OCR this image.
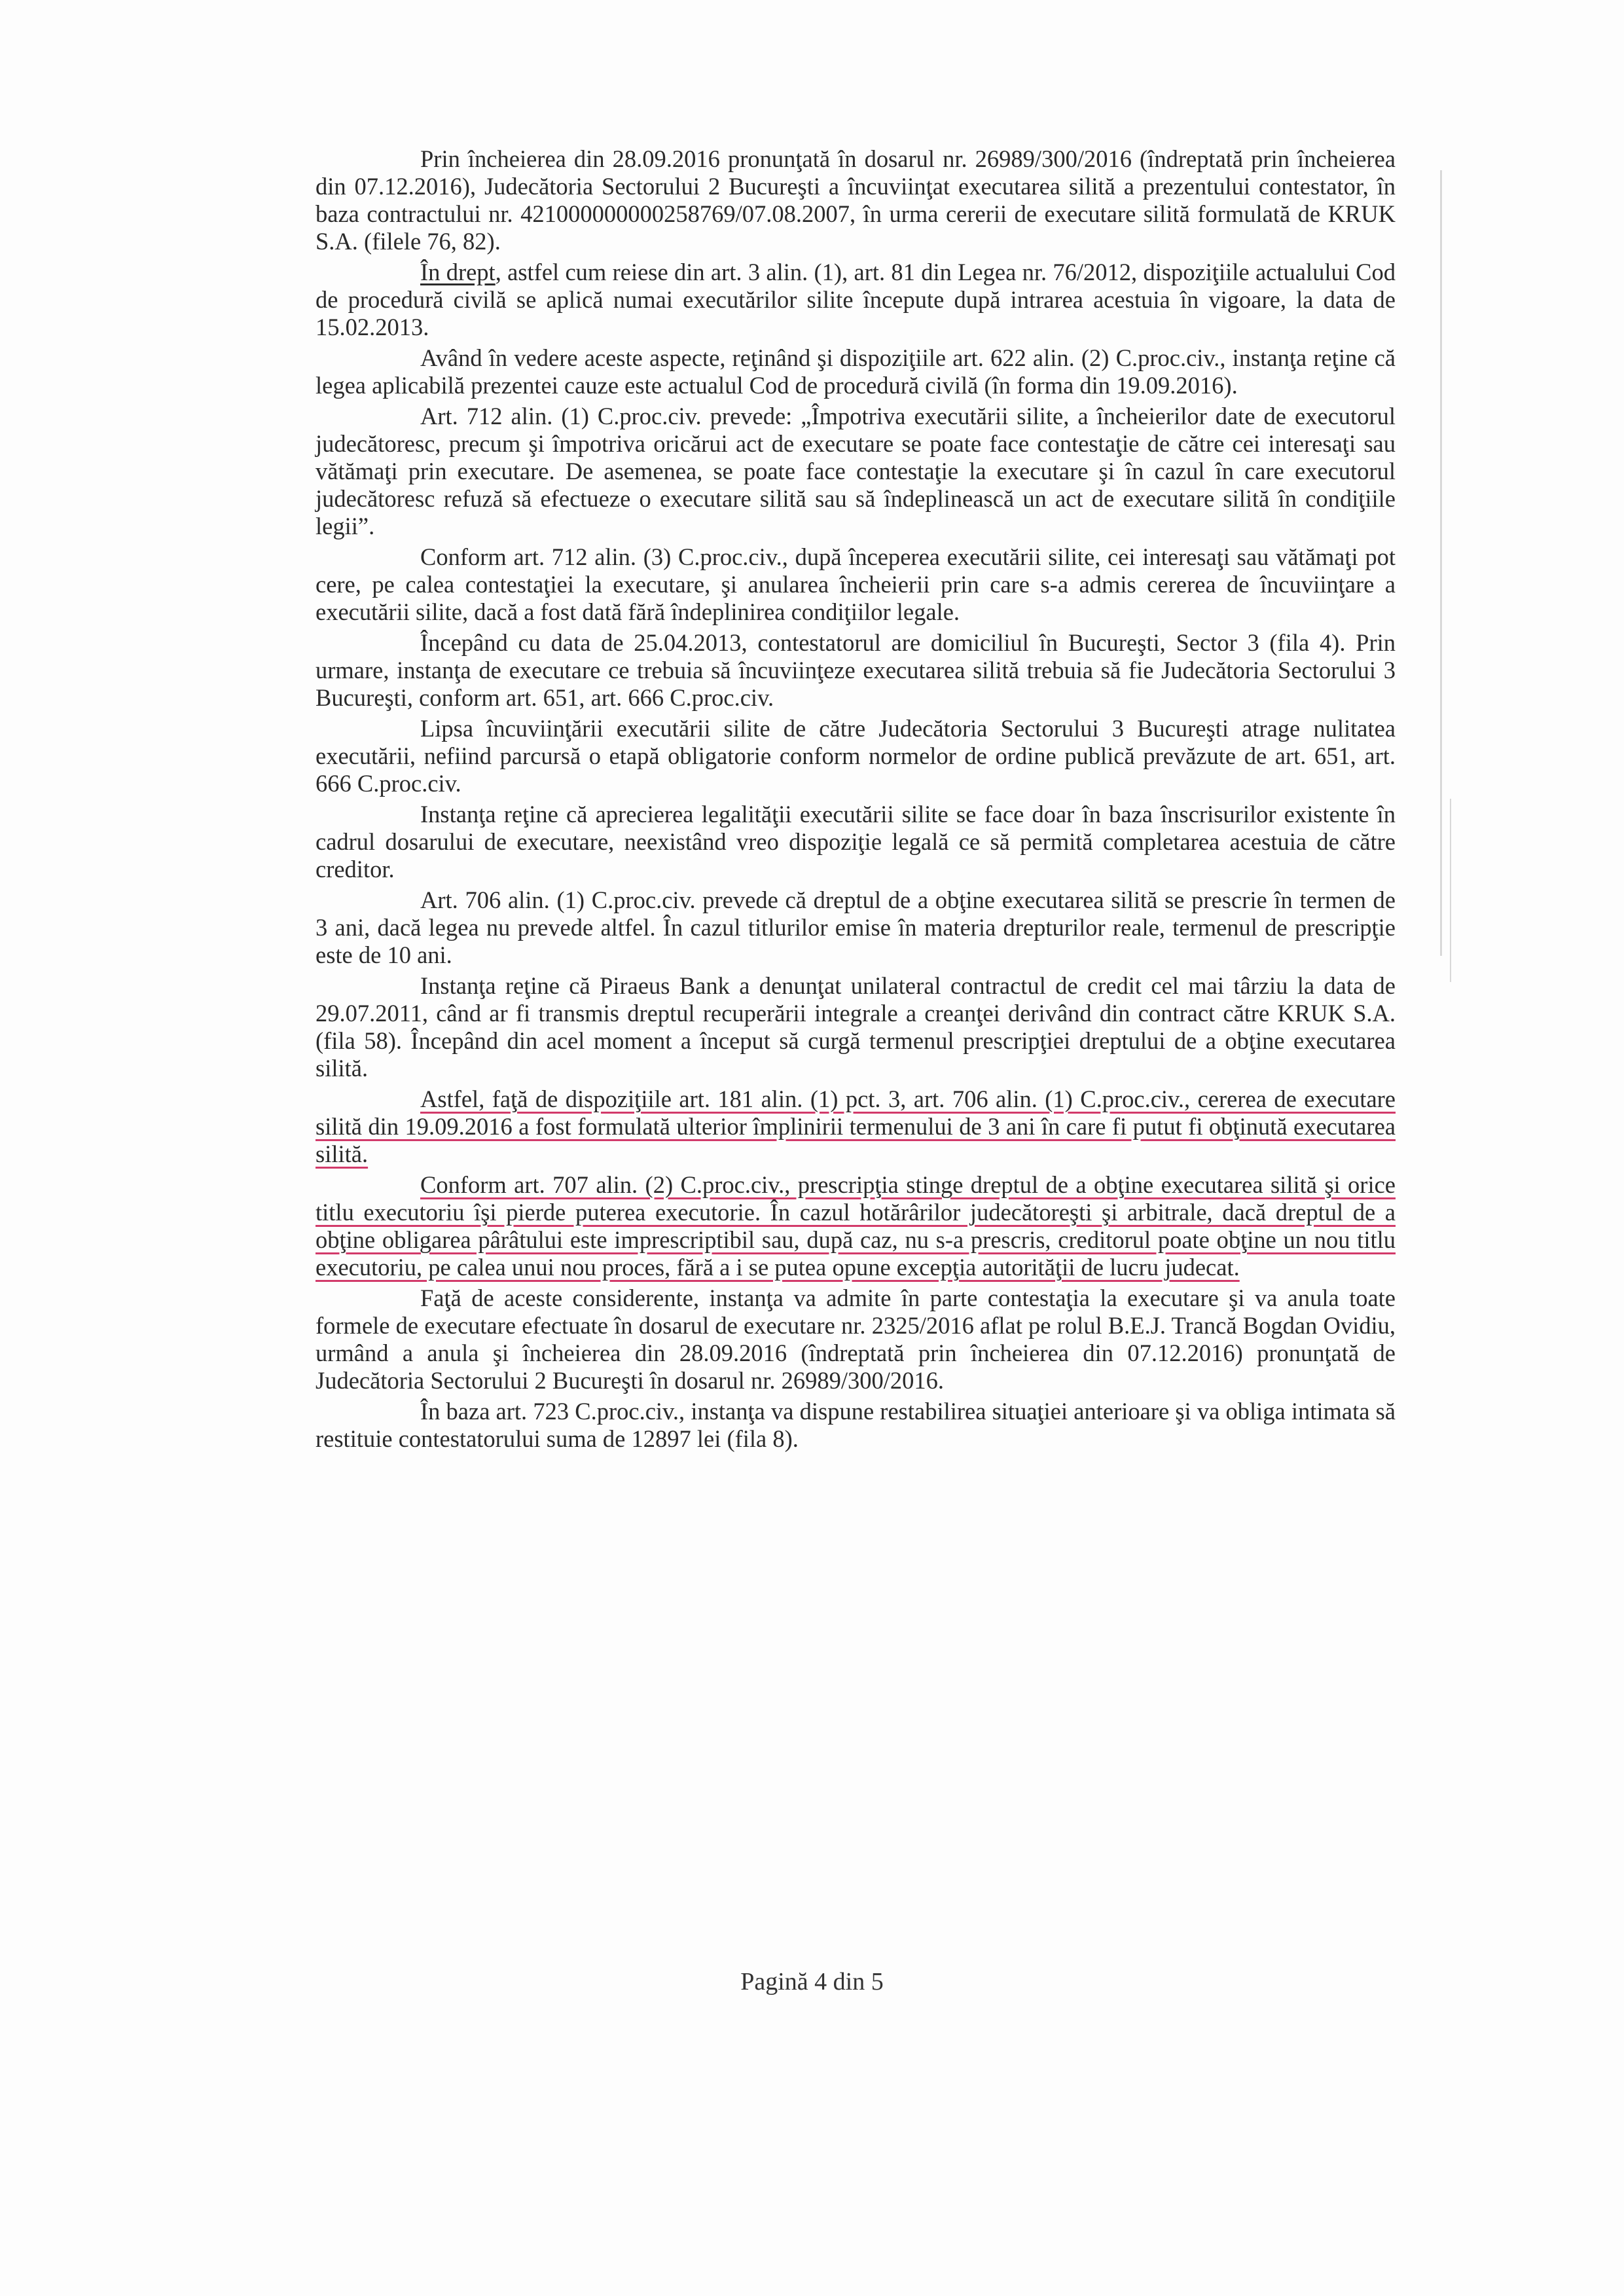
Prin încheierea din 28.09.2016 pronunţată în dosarul nr. 26989/300/2016 (îndreptată prin încheierea din 07.12.2016), Judecătoria Sectorului 2 Bucureşti a încuviinţat executarea silită a prezentului contestator, în baza contractului nr. 421000000000258769/07.08.2007, în urma cererii de executare silită formulată de KRUK S.A. (filele 76, 82).

În drept, astfel cum reiese din art. 3 alin. (1), art. 81 din Legea nr. 76/2012, dispoziţiile actualului Cod de procedură civilă se aplică numai executărilor silite începute după intrarea acestuia în vigoare, la data de 15.02.2013.

Având în vedere aceste aspecte, reţinând şi dispoziţiile art. 622 alin. (2) C.proc.civ., instanţa reţine că legea aplicabilă prezentei cauze este actualul Cod de procedură civilă (în forma din 19.09.2016).

Art. 712 alin. (1) C.proc.civ. prevede: „Împotriva executării silite, a încheierilor date de executorul judecătoresc, precum şi împotriva oricărui act de executare se poate face contestaţie de către cei interesaţi sau vătămaţi prin executare. De asemenea, se poate face contestaţie la executare şi în cazul în care executorul judecătoresc refuză să efectueze o executare silită sau să îndeplinească un act de executare silită în condiţiile legii”.

Conform art. 712 alin. (3) C.proc.civ., după începerea executării silite, cei interesaţi sau vătămaţi pot cere, pe calea contestaţiei la executare, şi anularea încheierii prin care s-a admis cererea de încuviinţare a executării silite, dacă a fost dată fără îndeplinirea condiţiilor legale.

Începând cu data de 25.04.2013, contestatorul are domiciliul în Bucureşti, Sector 3 (fila 4). Prin urmare, instanţa de executare ce trebuia să încuviinţeze executarea silită trebuia să fie Judecătoria Sectorului 3 Bucureşti, conform art. 651, art. 666 C.proc.civ.

Lipsa încuviinţării executării silite de către Judecătoria Sectorului 3 Bucureşti atrage nulitatea executării, nefiind parcursă o etapă obligatorie conform normelor de ordine publică prevăzute de art. 651, art. 666 C.proc.civ.

Instanţa reţine că aprecierea legalităţii executării silite se face doar în baza înscrisurilor existente în cadrul dosarului de executare, neexistând vreo dispoziţie legală ce să permită completarea acestuia de către creditor.

Art. 706 alin. (1) C.proc.civ. prevede că dreptul de a obţine executarea silită se prescrie în termen de 3 ani, dacă legea nu prevede altfel. În cazul titlurilor emise în materia drepturilor reale, termenul de prescripţie este de 10 ani.

Instanţa reţine că Piraeus Bank a denunţat unilateral contractul de credit cel mai târziu la data de 29.07.2011, când ar fi transmis dreptul recuperării integrale a creanţei derivând din contract către KRUK S.A. (fila 58). Începând din acel moment a început să curgă termenul prescripţiei dreptului de a obţine executarea silită.

Astfel, faţă de dispoziţiile art. 181 alin. (1) pct. 3, art. 706 alin. (1) C.proc.civ., cererea de executare silită din 19.09.2016 a fost formulată ulterior împlinirii termenului de 3 ani în care fi putut fi obţinută executarea silită.

Conform art. 707 alin. (2) C.proc.civ., prescripţia stinge dreptul de a obţine executarea silită şi orice titlu executoriu îşi pierde puterea executorie. În cazul hotărârilor judecătoreşti şi arbitrale, dacă dreptul de a obţine obligarea pârâtului este imprescriptibil sau, după caz, nu s-a prescris, creditorul poate obţine un nou titlu executoriu, pe calea unui nou proces, fără a i se putea opune excepţia autorităţii de lucru judecat.

Faţă de aceste considerente, instanţa va admite în parte contestaţia la executare şi va anula toate formele de executare efectuate în dosarul de executare nr. 2325/2016 aflat pe rolul B.E.J. Trancă Bogdan Ovidiu, urmând a anula şi încheierea din 28.09.2016 (îndreptată prin încheierea din 07.12.2016) pronunţată de Judecătoria Sectorului 2 Bucureşti în dosarul nr. 26989/300/2016.

În baza art. 723 C.proc.civ., instanţa va dispune restabilirea situaţiei anterioare şi va obliga intimata să restituie contestatorului suma de 12897 lei (fila 8).

Pagină 4 din 5
